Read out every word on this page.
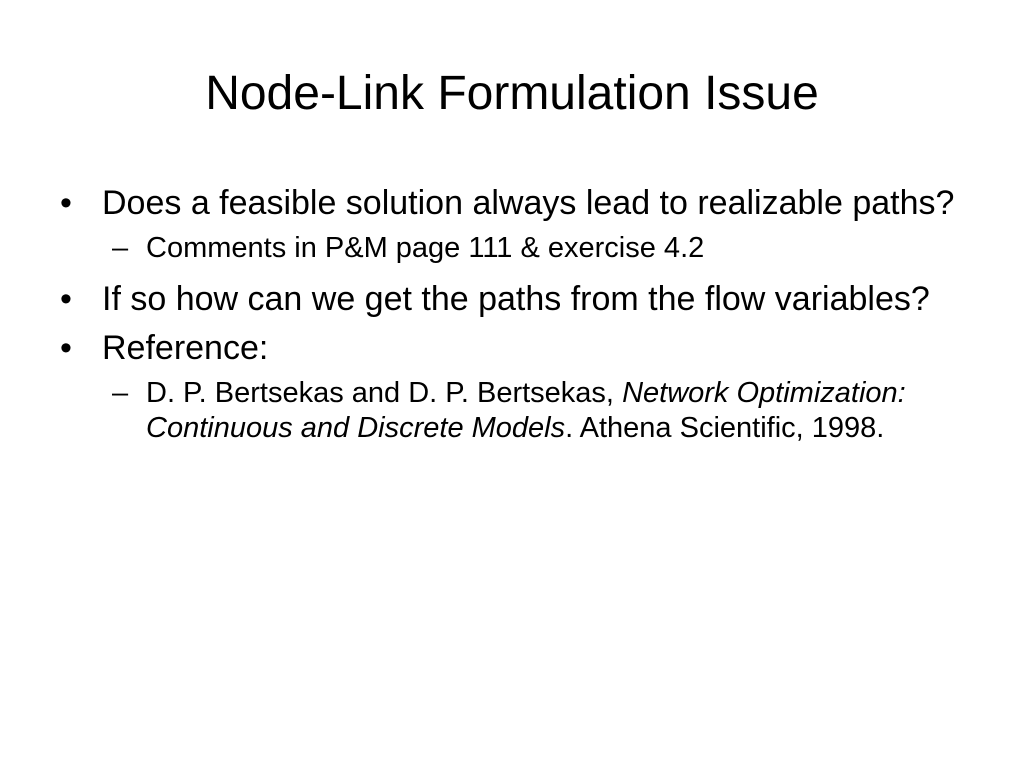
Node-Link Formulation Issue
• Does a feasible solution always lead to realizable paths?
– Comments in P&M page 111 & exercise 4.2
• If so how can we get the paths from the flow variables?
• Reference:
– D. P. Bertsekas and D. P. Bertsekas, Network Optimization: Continuous and Discrete Models. Athena Scientific, 1998.
